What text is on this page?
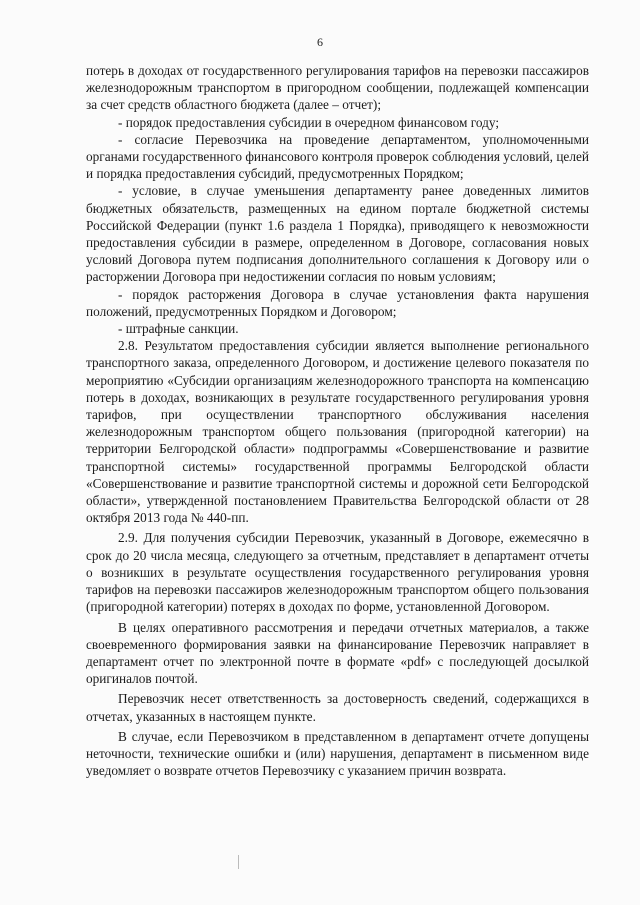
6

потерь в доходах от государственного регулирования тарифов на перевозки пассажиров железнодорожным транспортом в пригородном сообщении, подлежащей компенсации за счет средств областного бюджета (далее – отчет);

- порядок предоставления субсидии в очередном финансовом году;

- согласие Перевозчика на проведение департаментом, уполномоченными органами государственного финансового контроля проверок соблюдения условий, целей и порядка предоставления субсидий, предусмотренных Порядком;

- условие, в случае уменьшения департаменту ранее доведенных лимитов бюджетных обязательств, размещенных на едином портале бюджетной системы Российской Федерации (пункт 1.6 раздела 1 Порядка), приводящего к невозможности предоставления субсидии в размере, определенном в Договоре, согласования новых условий Договора путем подписания дополнительного соглашения к Договору или о расторжении Договора при недостижении согласия по новым условиям;

- порядок расторжения Договора в случае установления факта нарушения положений, предусмотренных Порядком и Договором;

- штрафные санкции.

2.8. Результатом предоставления субсидии является выполнение регионального транспортного заказа, определенного Договором, и достижение целевого показателя по мероприятию «Субсидии организациям железнодорожного транспорта на компенсацию потерь в доходах, возникающих в результате государственного регулирования уровня тарифов, при осуществлении транспортного обслуживания населения железнодорожным транспортом общего пользования (пригородной категории) на территории Белгородской области» подпрограммы «Совершенствование и развитие транспортной системы» государственной программы Белгородской области «Совершенствование и развитие транспортной системы и дорожной сети Белгородской области», утвержденной постановлением Правительства Белгородской области от 28 октября 2013 года № 440-пп.

2.9. Для получения субсидии Перевозчик, указанный в Договоре, ежемесячно в срок до 20 числа месяца, следующего за отчетным, представляет в департамент отчеты о возникших в результате осуществления государственного регулирования уровня тарифов на перевозки пассажиров железнодорожным транспортом общего пользования (пригородной категории) потерях в доходах по форме, установленной Договором.

В целях оперативного рассмотрения и передачи отчетных материалов, а также своевременного формирования заявки на финансирование Перевозчик направляет в департамент отчет по электронной почте в формате «pdf» с последующей досылкой оригиналов почтой.

Перевозчик несет ответственность за достоверность сведений, содержащихся в отчетах, указанных в настоящем пункте.

В случае, если Перевозчиком в представленном в департамент отчете допущены неточности, технические ошибки и (или) нарушения, департамент в письменном виде уведомляет о возврате отчетов Перевозчику с указанием причин возврата.
